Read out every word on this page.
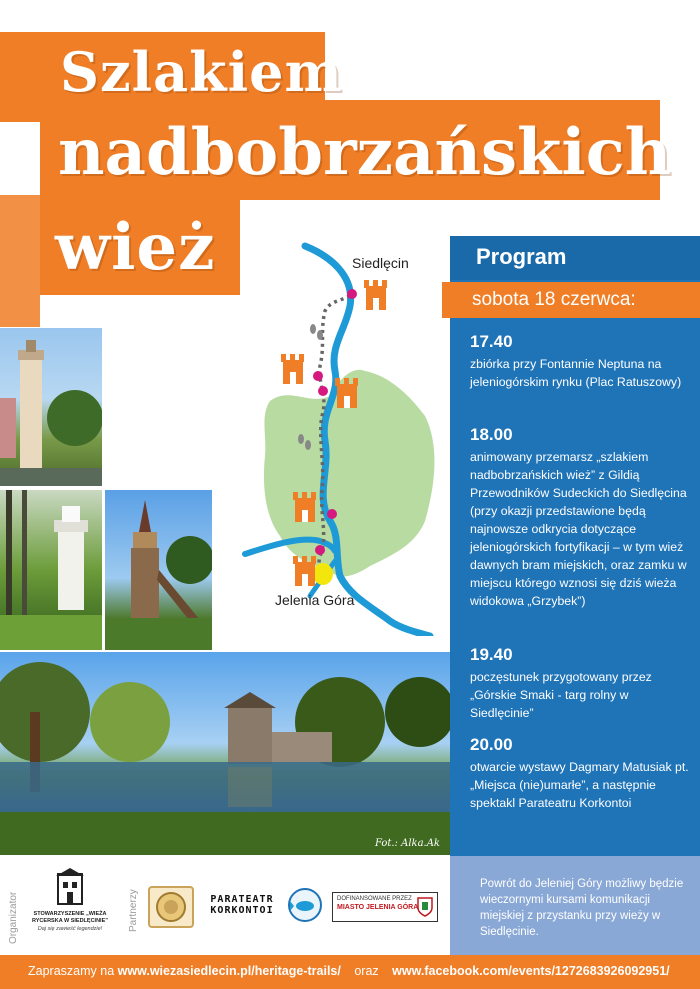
Szlakiem
nadbobrzańskich
wież	Siedlęcin
Jelenia Góra
Program
sobota 18 czerwca:
17.40
zbiórka przy Fontannie Neptuna na jeleniogórskim rynku (Plac Ratuszowy)
18.00
animowany przemarsz „szlakiem nadbobrzańskich wież” z Gildią Przewodników Sudeckich do Siedlęcina (przy okazji przedstawione będą najnowsze odkrycia dotyczące jeleniogórskich fortyfikacji – w tym wież dawnych bram miejskich, oraz zamku w miejscu którego wznosi się dziś wieża widokowa „Grzybek”)
19.40
poczęstunek przygotowany przez „Górskie Smaki - targ rolny w Siedlęcinie”
20.00
otwarcie wystawy Dagmary Matusiak pt. „Miejsca (nie)umarłe”, a następnie spektakl Parateatru Korkontoi
Powrót do Jeleniej Góry możliwy będzie wieczornymi kursami komunikacji miejskiej z przystanku przy wieży w Siedlęcinie.
Fot.: Alka.Ak
Organizator	STOWARZYSZENIE „WIEŻA RYCERSKA W SIEDLĘCINIE”
Daj się zawieść legendzie!	Partnerzy	PARATEATR
KORKONTOI
DOFINANSOWANE PRZEZ
MIASTO JELENIA GÓRA
Zapraszamy na www.wiezasiedlecin.pl/heritage-trails/ oraz www.facebook.com/events/1272683926092951/
